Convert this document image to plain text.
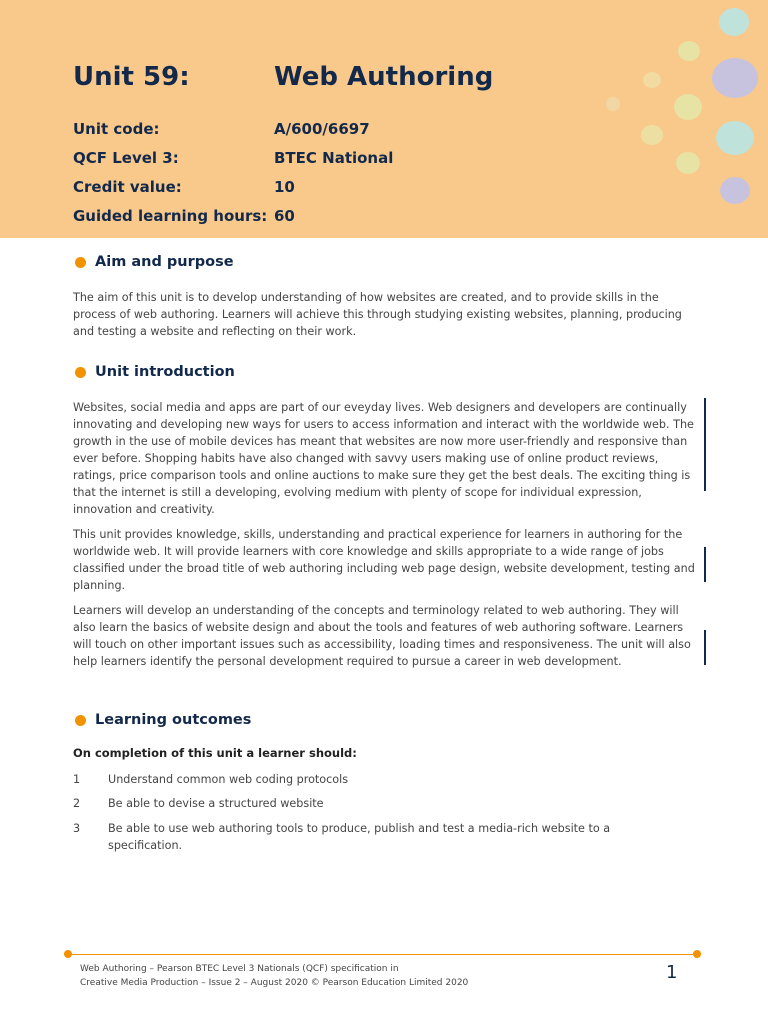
Unit 59:	Web Authoring
Unit code:	A/600/6697
QCF Level 3:	BTEC National
Credit value:	10
Guided learning hours: 60
Aim and purpose

The aim of this unit is to develop understanding of how websites are created, and to provide skills in the process of web authoring. Learners will achieve this through studying existing websites, planning, producing and testing a website and reflecting on their work.

Unit introduction

Websites, social media and apps are part of our eveyday lives. Web designers and developers are continually innovating and developing new ways for users to access information and interact with the worldwide web. The growth in the use of mobile devices has meant that websites are now more user-friendly and responsive than ever before. Shopping habits have also changed with savvy users making use of online product reviews, ratings, price comparison tools and online auctions to make sure they get the best deals. The exciting thing is that the internet is still a developing, evolving medium with plenty of scope for individual expression, innovation and creativity.

This unit provides knowledge, skills, understanding and practical experience for learners in authoring for the worldwide web. It will provide learners with core knowledge and skills appropriate to a wide range of jobs classified under the broad title of web authoring including web page design, website development, testing and planning.

Learners will develop an understanding of the concepts and terminology related to web authoring. They will also learn the basics of website design and about the tools and features of web authoring software. Learners will touch on other important issues such as accessibility, loading times and responsiveness. The unit will also help learners identify the personal development required to pursue a career in web development.

Learning outcomes
On completion of this unit a learner should:
1 Understand common web coding protocols
2 Be able to devise a structured website
3 Be able to use web authoring tools to produce, publish and test a media-rich website to a specification.
Web Authoring – Pearson BTEC Level 3 Nationals (QCF) specification in
Creative Media Production – Issue 2 – August 2020 © Pearson Education Limited 2020	1
